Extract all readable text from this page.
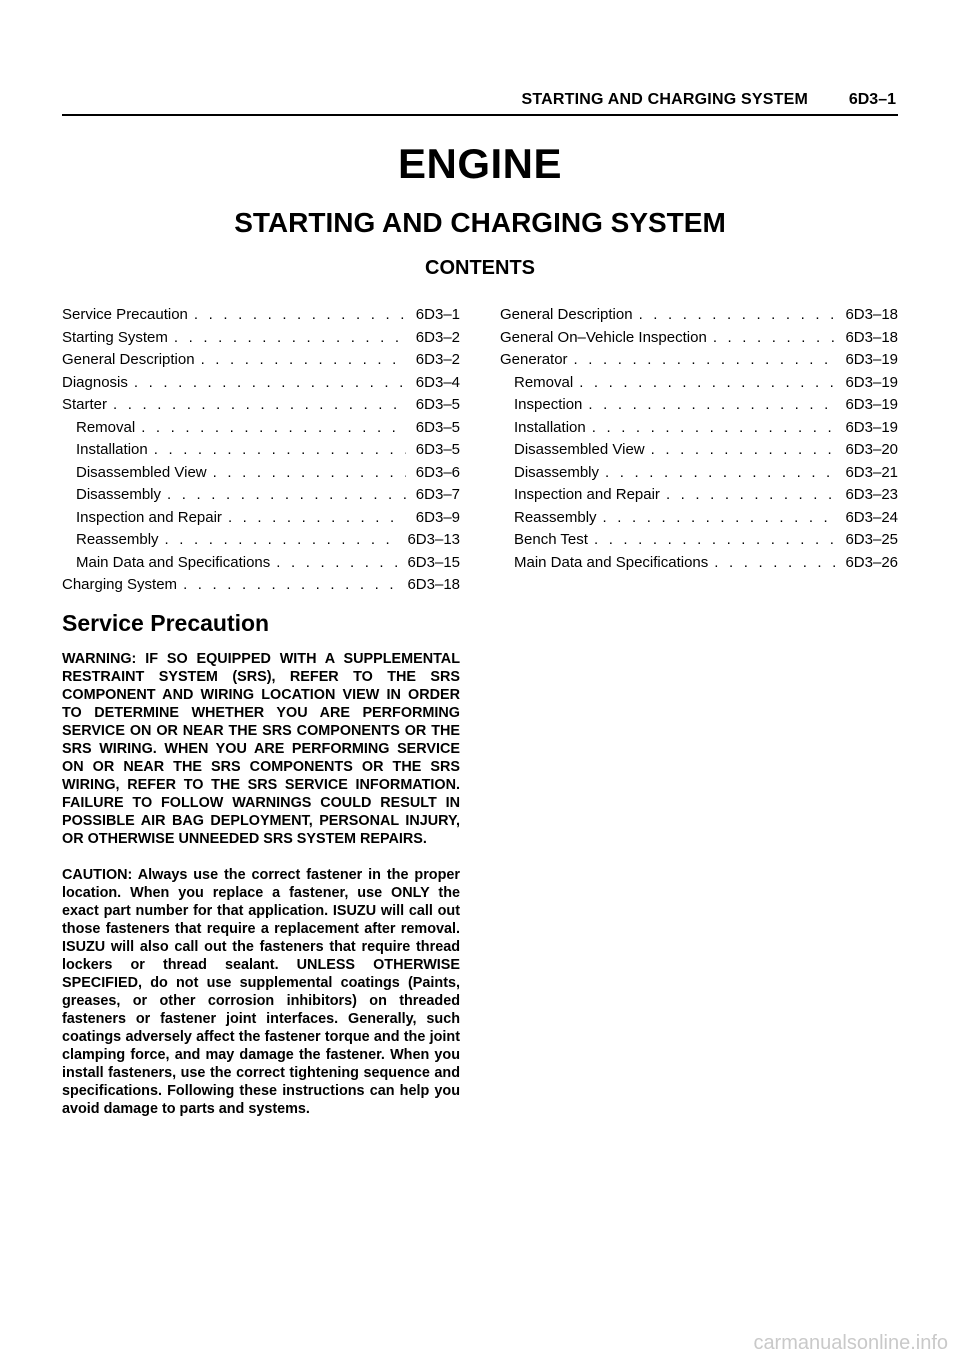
STARTING AND CHARGING SYSTEM	6D3–1
ENGINE
STARTING AND CHARGING SYSTEM
CONTENTS
Service Precaution . . .	6D3–1
Starting System . . .	6D3–2
General Description . . .	6D3–2
Diagnosis . . .	6D3–4
Starter . . .	6D3–5
Removal . . .	6D3–5
Installation . . .	6D3–5
Disassembled View . . .	6D3–6
Disassembly . . .	6D3–7
Inspection and Repair . . .	6D3–9
Reassembly . . .	6D3–13
Main Data and Specifications . . .	6D3–15
Charging System . . .	6D3–18
General Description . . .	6D3–18
General On–Vehicle Inspection . . .	6D3–18
Generator . . .	6D3–19
Removal . . .	6D3–19
Inspection . . .	6D3–19
Installation . . .	6D3–19
Disassembled View . . .	6D3–20
Disassembly . . .	6D3–21
Inspection and Repair . . .	6D3–23
Reassembly . . .	6D3–24
Bench Test . . .	6D3–25
Main Data and Specifications . . .	6D3–26
Service Precaution
WARNING: IF SO EQUIPPED WITH A SUPPLEMENTAL RESTRAINT SYSTEM (SRS), REFER TO THE SRS COMPONENT AND WIRING LOCATION VIEW IN ORDER TO DETERMINE WHETHER YOU ARE PERFORMING SERVICE ON OR NEAR THE SRS COMPONENTS OR THE SRS WIRING. WHEN YOU ARE PERFORMING SERVICE ON OR NEAR THE SRS COMPONENTS OR THE SRS WIRING, REFER TO THE SRS SERVICE INFORMATION. FAILURE TO FOLLOW WARNINGS COULD RESULT IN POSSIBLE AIR BAG DEPLOYMENT, PERSONAL INJURY, OR OTHERWISE UNNEEDED SRS SYSTEM REPAIRS.
CAUTION: Always use the correct fastener in the proper location. When you replace a fastener, use ONLY the exact part number for that application. ISUZU will call out those fasteners that require a replacement after removal. ISUZU will also call out the fasteners that require thread lockers or thread sealant. UNLESS OTHERWISE SPECIFIED, do not use supplemental coatings (Paints, greases, or other corrosion inhibitors) on threaded fasteners or fastener joint interfaces. Generally, such coatings adversely affect the fastener torque and the joint clamping force, and may damage the fastener. When you install fasteners, use the correct tightening sequence and specifications. Following these instructions can help you avoid damage to parts and systems.
carmanualsonline.info
